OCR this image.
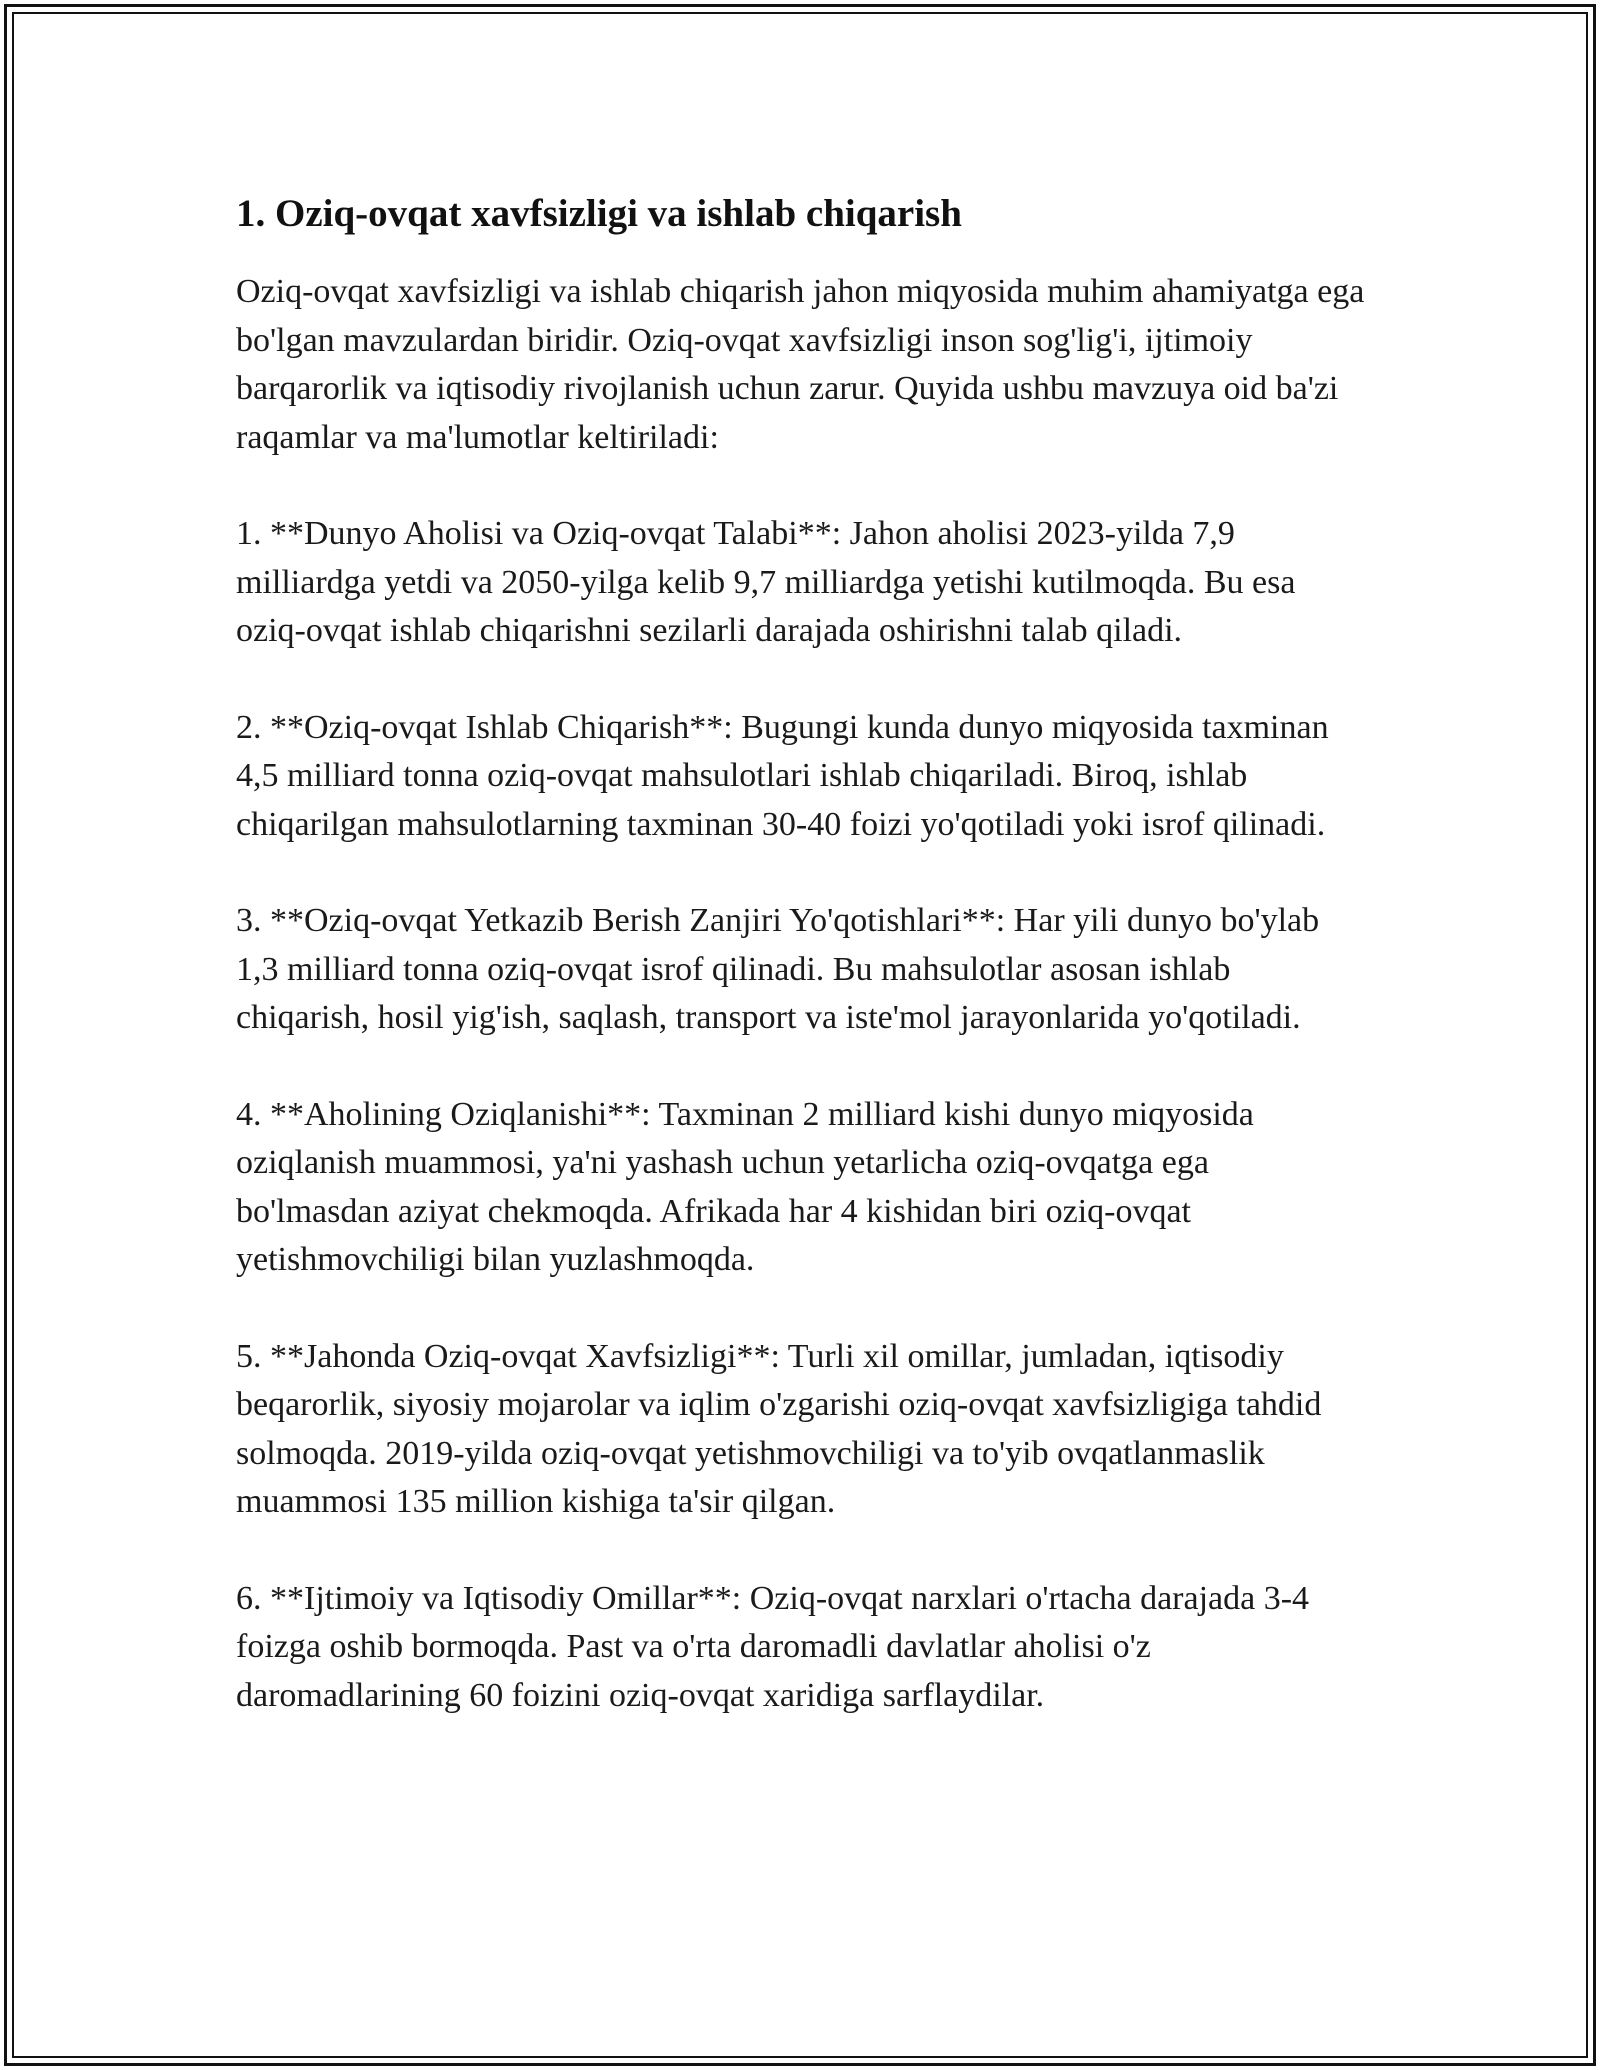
1. Oziq-ovqat xavfsizligi va ishlab chiqarish

Oziq-ovqat xavfsizligi va ishlab chiqarish jahon miqyosida muhim ahamiyatga ega bo'lgan mavzulardan biridir. Oziq-ovqat xavfsizligi inson sog'lig'i, ijtimoiy barqarorlik va iqtisodiy rivojlanish uchun zarur. Quyida ushbu mavzuya oid ba'zi raqamlar va ma'lumotlar keltiriladi:

1. **Dunyo Aholisi va Oziq-ovqat Talabi**: Jahon aholisi 2023-yilda 7,9 milliardga yetdi va 2050-yilga kelib 9,7 milliardga yetishi kutilmoqda. Bu esa oziq-ovqat ishlab chiqarishni sezilarli darajada oshirishni talab qiladi.

2. **Oziq-ovqat Ishlab Chiqarish**: Bugungi kunda dunyo miqyosida taxminan 4,5 milliard tonna oziq-ovqat mahsulotlari ishlab chiqariladi. Biroq, ishlab chiqarilgan mahsulotlarning taxminan 30-40 foizi yo'qotiladi yoki isrof qilinadi.

3. **Oziq-ovqat Yetkazib Berish Zanjiri Yo'qotishlari**: Har yili dunyo bo'ylab 1,3 milliard tonna oziq-ovqat isrof qilinadi. Bu mahsulotlar asosan ishlab chiqarish, hosil yig'ish, saqlash, transport va iste'mol jarayonlarida yo'qotiladi.

4. **Aholining Oziqlanishi**: Taxminan 2 milliard kishi dunyo miqyosida oziqlanish muammosi, ya'ni yashash uchun yetarlicha oziq-ovqatga ega bo'lmasdan aziyat chekmoqda. Afrikada har 4 kishidan biri oziq-ovqat yetishmovchiligi bilan yuzlashmoqda.

5. **Jahonda Oziq-ovqat Xavfsizligi**: Turli xil omillar, jumladan, iqtisodiy beqarorlik, siyosiy mojarolar va iqlim o'zgarishi oziq-ovqat xavfsizligiga tahdid solmoqda. 2019-yilda oziq-ovqat yetishmovchiligi va to'yib ovqatlanmaslik muammosi 135 million kishiga ta'sir qilgan.

6. **Ijtimoiy va Iqtisodiy Omillar**: Oziq-ovqat narxlari o'rtacha darajada 3-4 foizga oshib bormoqda. Past va o'rta daromadli davlatlar aholisi o'z daromadlarining 60 foizini oziq-ovqat xaridiga sarflaydilar.
